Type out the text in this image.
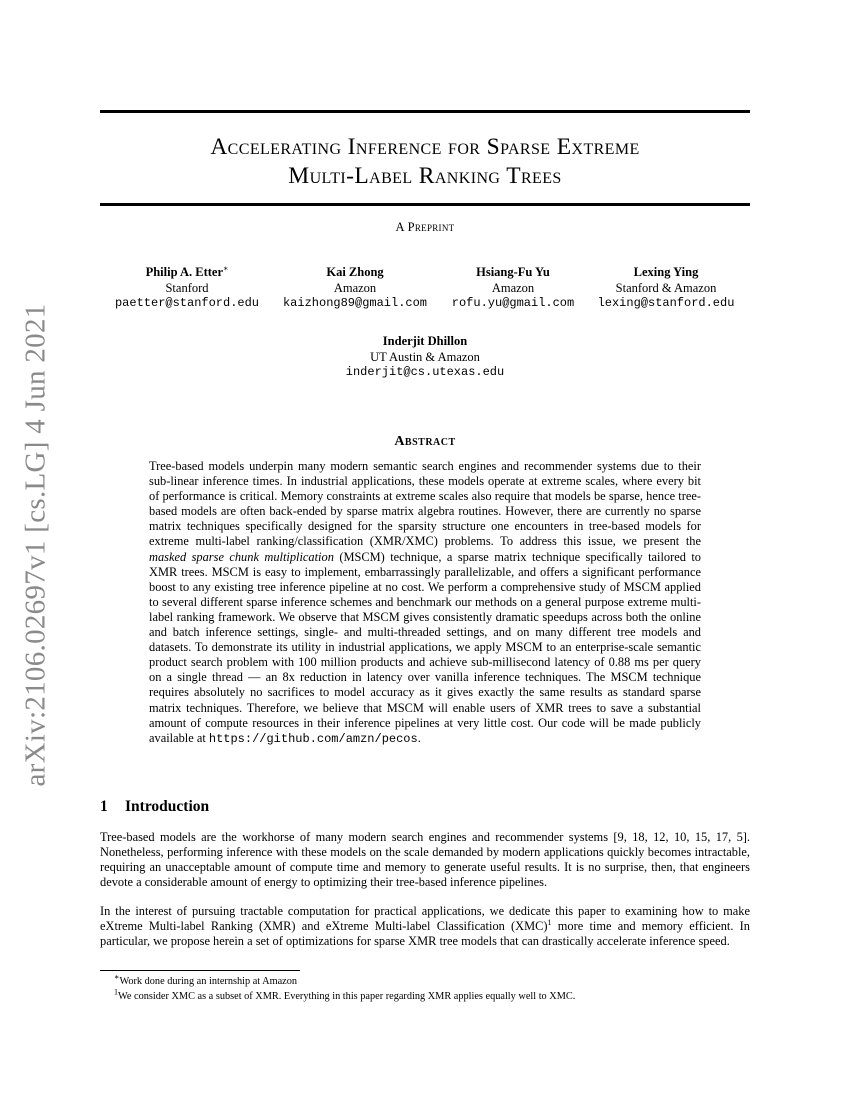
arXiv:2106.02697v1 [cs.LG] 4 Jun 2021
Accelerating Inference for Sparse Extreme
Multi-Label Ranking Trees
A Preprint
Philip A. Etter∗
Stanford
paetter@stanford.edu
Kai Zhong
Amazon
kaizhong89@gmail.com
Hsiang-Fu Yu
Amazon
rofu.yu@gmail.com
Lexing Ying
Stanford & Amazon
lexing@stanford.edu
Inderjit Dhillon
UT Austin & Amazon
inderjit@cs.utexas.edu
Abstract
Tree-based models underpin many modern semantic search engines and recommender systems due to their sub-linear inference times. In industrial applications, these models operate at extreme scales, where every bit of performance is critical. Memory constraints at extreme scales also require that models be sparse, hence tree-based models are often back-ended by sparse matrix algebra routines. However, there are currently no sparse matrix techniques specifically designed for the sparsity structure one encounters in tree-based models for extreme multi-label ranking/classification (XMR/XMC) problems. To address this issue, we present the masked sparse chunk multiplication (MSCM) technique, a sparse matrix technique specifically tailored to XMR trees. MSCM is easy to implement, embarrassingly parallelizable, and offers a significant performance boost to any existing tree inference pipeline at no cost. We perform a comprehensive study of MSCM applied to several different sparse inference schemes and benchmark our methods on a general purpose extreme multi-label ranking framework. We observe that MSCM gives consistently dramatic speedups across both the online and batch inference settings, single- and multi-threaded settings, and on many different tree models and datasets. To demonstrate its utility in industrial applications, we apply MSCM to an enterprise-scale semantic product search problem with 100 million products and achieve sub-millisecond latency of 0.88 ms per query on a single thread — an 8x reduction in latency over vanilla inference techniques. The MSCM technique requires absolutely no sacrifices to model accuracy as it gives exactly the same results as standard sparse matrix techniques. Therefore, we believe that MSCM will enable users of XMR trees to save a substantial amount of compute resources in their inference pipelines at very little cost. Our code will be made publicly available at https://github.com/amzn/pecos.
1 Introduction
Tree-based models are the workhorse of many modern search engines and recommender systems [9, 18, 12, 10, 15, 17, 5]. Nonetheless, performing inference with these models on the scale demanded by modern applications quickly becomes intractable, requiring an unacceptable amount of compute time and memory to generate useful results. It is no surprise, then, that engineers devote a considerable amount of energy to optimizing their tree-based inference pipelines.
In the interest of pursuing tractable computation for practical applications, we dedicate this paper to examining how to make eXtreme Multi-label Ranking (XMR) and eXtreme Multi-label Classification (XMC)$^1$ more time and memory efficient. In particular, we propose herein a set of optimizations for sparse XMR tree models that can drastically accelerate inference speed.
∗Work done during an internship at Amazon
$^1$We consider XMC as a subset of XMR. Everything in this paper regarding XMR applies equally well to XMC.
